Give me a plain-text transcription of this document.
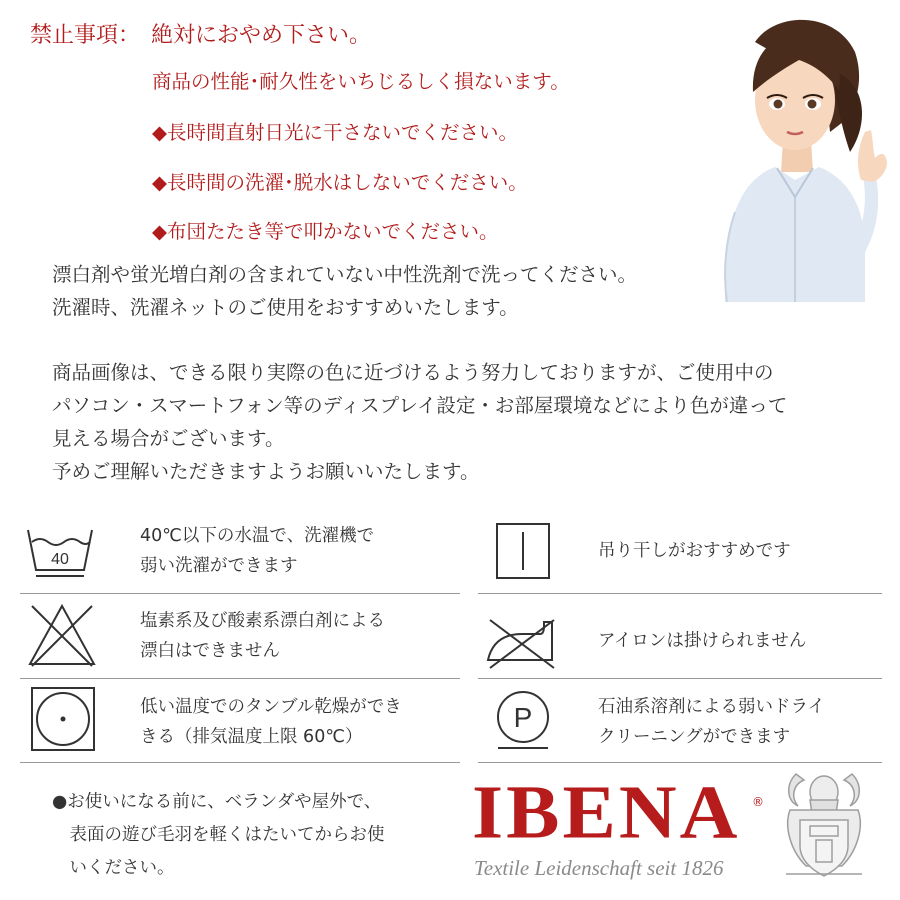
禁止事項：　絶対におやめ下さい。
商品の性能･耐久性をいちじるしく損ないます。
◆長時間直射日光に干さないでください。
◆長時間の洗濯･脱水はしないでください。
◆布団たたき等で叩かないでください。
漂白剤や蛍光増白剤の含まれていない中性洗剤で洗ってください。
洗濯時、洗濯ネットのご使用をおすすめいたします。
商品画像は、できる限り実際の色に近づけるよう努力しておりますが、ご使用中の
パソコン・スマートフォン等のディスプレイ設定・お部屋環境などにより色が違って
見える場合がございます。
予めご理解いただきますようお願いいたします。
40
40℃以下の水温で、洗濯機で
弱い洗濯ができます
吊り干しがおすすめです
塩素系及び酸素系漂白剤による
漂白はできません	アイロンは掛けられません
低い温度でのタンブル乾燥ができ
きる（排気温度上限 60℃）
P	石油系溶剤による弱いドライ
クリーニングができます
●お使いになる前に、ベランダや屋外で、
　表面の遊び毛羽を軽くはたいてからお使
　いください。
IBENA ®
Textile Leidenschaft seit 1826
